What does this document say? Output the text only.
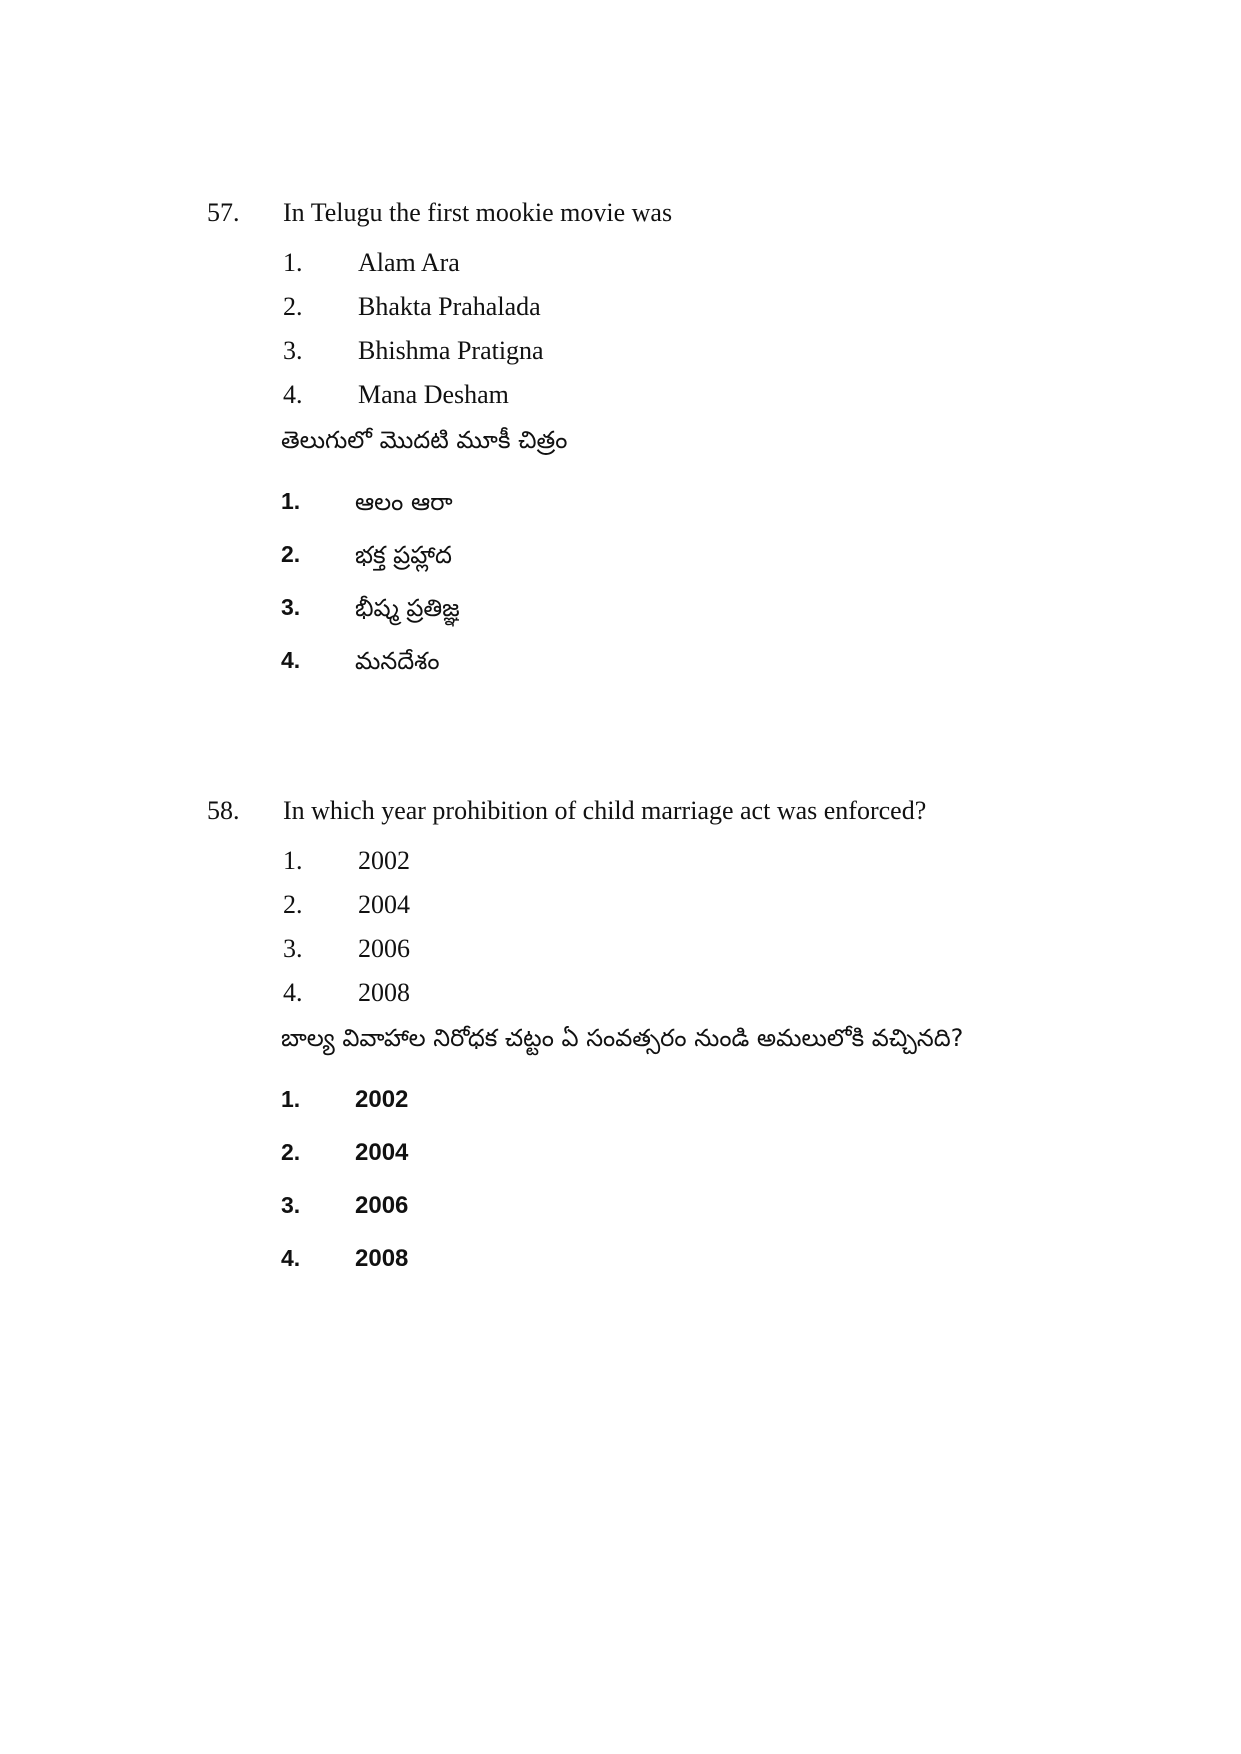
57. In Telugu the first mookie movie was
1. Alam Ara
2. Bhakta Prahalada
3. Bhishma Pratigna
4. Mana Desham
తెలుగులో మొదటి మూకీ చిత్రం
1. ఆలం ఆరా
2. భక్త ప్రహ్లాద
3. భీష్మ ప్రతిజ్ఞ
4. మనదేశం
58. In which year prohibition of child marriage act was enforced?
1. 2002
2. 2004
3. 2006
4. 2008
బాల్య వివాహాల నిరోధక చట్టం ఏ సంవత్సరం నుండి అమలులోకి వచ్చినది?
1. 2002
2. 2004
3. 2006
4. 2008
